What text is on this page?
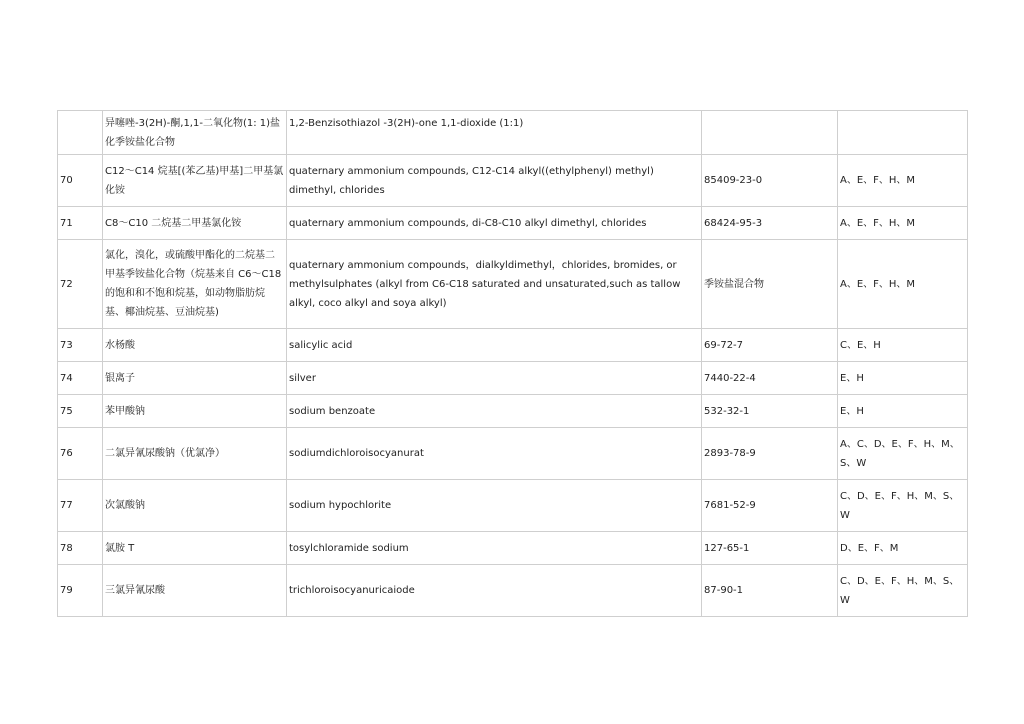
	异噻唑-3(2H)-酮,1,1-二氧化物(1: 1)盐化季铵盐化合物	1,2-Benzisothiazol -3(2H)-one 1,1-dioxide (1:1)		
70	C12～C14 烷基[(苯乙基)甲基]二甲基氯化铵	quaternary ammonium compounds, C12-C14 alkyl((ethylphenyl) methyl) dimethyl, chlorides	85409-23-0	A、E、F、H、M
71	C8～C10 二烷基二甲基氯化铵	quaternary ammonium compounds, di-C8-C10 alkyl dimethyl, chlorides	68424-95-3	A、E、F、H、M
72	氯化，溴化，或硫酸甲酯化的二烷基二甲基季铵盐化合物（烷基来自 C6～C18 的饱和和不饱和烷基，如动物脂肪烷基、椰油烷基、豆油烷基)	quaternary ammonium compounds，dialkyldimethyl，chlorides, bromides, or methylsulphates (alkyl from C6-C18 saturated and unsaturated,such as tallow alkyl, coco alkyl and soya alkyl)	季铵盐混合物	A、E、F、H、M
73	水杨酸	salicylic acid	69-72-7	C、E、H
74	银离子	silver	7440-22-4	E、H
75	苯甲酸钠	sodium benzoate	532-32-1	E、H
76	二氯异氰尿酸钠（优氯净）	sodiumdichloroisocyanurat	2893-78-9	A、C、D、E、F、H、M、S、W
77	次氯酸钠	sodium hypochlorite	7681-52-9	C、D、E、F、H、M、S、W
78	氯胺 T	tosylchloramide sodium	127-65-1	D、E、F、M
79	三氯异氰尿酸	trichloroisocyanuricaiode	87-90-1	C、D、E、F、H、M、S、W
